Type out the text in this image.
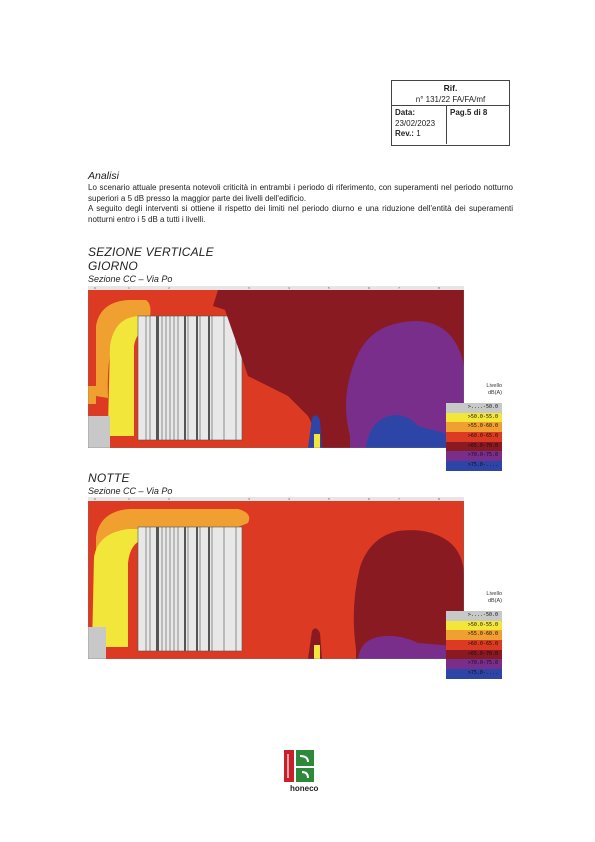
Rif.
n° 131/22 FA/FA/mf
Data:
23/02/2023
Rev.: 1
Pag.5 di 8
Analisi

Lo scenario attuale presenta notevoli criticità in entrambi i periodo di riferimento, con superamenti nel periodo notturno superiori a 5 dB presso la maggior parte dei livelli dell'edificio.

A seguito degli interventi si ottiene il rispetto dei limiti nel periodo diurno e una riduzione dell'entità dei superamenti notturni entro i 5 dB a tutti i livelli.

SEZIONE VERTICALE
GIORNO
Sezione CC – Via Po
0	1	2	3	4	5	6	7	8
Livello
dB(A)
>....-50.0
>50.0-55.0
>55.0-60.0
>60.0-65.0
>65.0-70.0
>70.0-75.0
>75.0-....
NOTTE
Sezione CC – Via Po
0	1	2	3	4	5	6	7	8
Livello
dB(A)
>....-50.0
>50.0-55.0
>55.0-60.0
>60.0-65.0
>65.0-70.0
>70.0-75.0
>75.0-....
honeco
